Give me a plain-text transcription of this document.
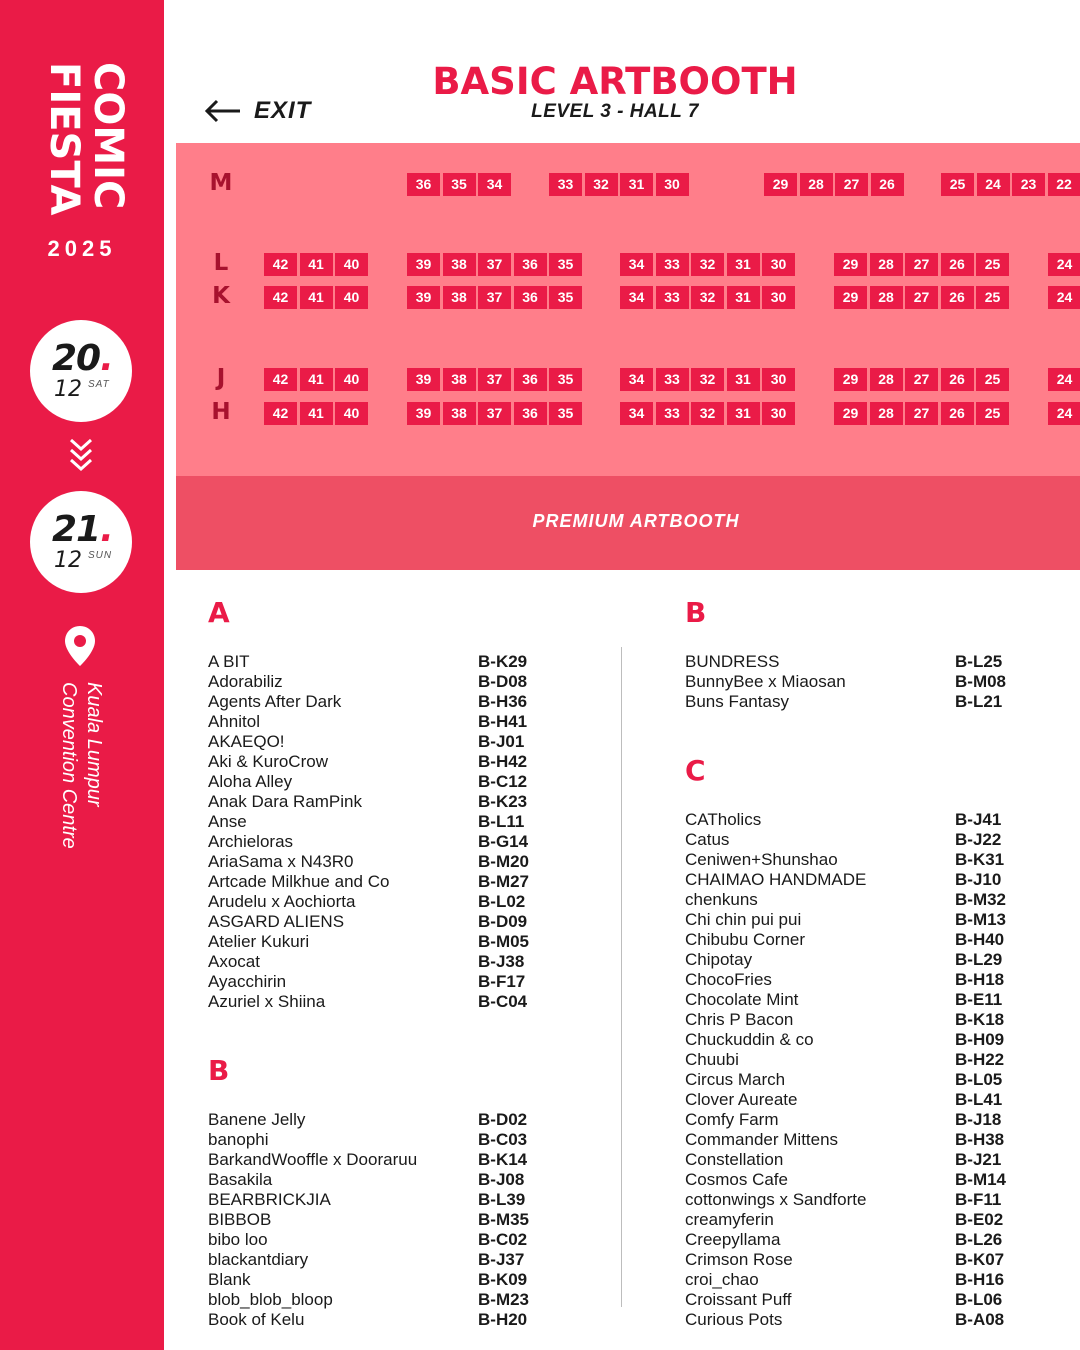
COMIC
FIESTA
2025
20.
12 SAT
21.
12 SUN
Kuala Lumpur
Convention Centre
EXIT
BASIC ARTBOOTH
LEVEL 3 - HALL 7
M	36	35	34	33	32	31	30	29	28	27	26	25	24	23	22
L	42	41	40	39	38	37	36	35	34	33	32	31	30	29	28	27	26	25	24
K	42	41	40	39	38	37	36	35	34	33	32	31	30	29	28	27	26	25	24
J	42	41	40	39	38	37	36	35	34	33	32	31	30	29	28	27	26	25	24
H	42	41	40	39	38	37	36	35	34	33	32	31	30	29	28	27	26	25	24
PREMIUM ARTBOOTH
A
A BIT	B-K29
Adorabiliz	B-D08
Agents After Dark	B-H36
Ahnitol	B-H41
AKAEQO!	B-J01
Aki & KuroCrow	B-H42
Aloha Alley	B-C12
Anak Dara RamPink	B-K23
Anse	B-L11
Archieloras	B-G14
AriaSama x N43R0	B-M20
Artcade Milkhue and Co	B-M27
Arudelu x Aochiorta	B-L02
ASGARD ALIENS	B-D09
Atelier Kukuri	B-M05
Axocat	B-J38
Ayacchirin	B-F17
Azuriel x Shiina	B-C04
B
Banene Jelly	B-D02
banophi	B-C03
BarkandWooffle x Dooraruu	B-K14
Basakila	B-J08
BEARBRICKJIA	B-L39
BIBBOB	B-M35
bibo loo	B-C02
blackantdiary	B-J37
Blank	B-K09
blob_blob_bloop	B-M23
Book of Kelu	B-H20
B
BUNDRESS	B-L25
BunnyBee x Miaosan	B-M08
Buns Fantasy	B-L21
C
CATholics	B-J41
Catus	B-J22
Ceniwen+Shunshao	B-K31
CHAIMAO HANDMADE	B-J10
chenkuns	B-M32
Chi chin pui pui	B-M13
Chibubu Corner	B-H40
Chipotay	B-L29
ChocoFries	B-H18
Chocolate Mint	B-E11
Chris P Bacon	B-K18
Chuckuddin & co	B-H09
Chuubi	B-H22
Circus March	B-L05
Clover Aureate	B-L41
Comfy Farm	B-J18
Commander Mittens	B-H38
Constellation	B-J21
Cosmos Cafe	B-M14
cottonwings x Sandforte	B-F11
creamyferin	B-E02
Creepyllama	B-L26
Crimson Rose	B-K07
croi_chao	B-H16
Croissant Puff	B-L06
Curious Pots	B-A08
